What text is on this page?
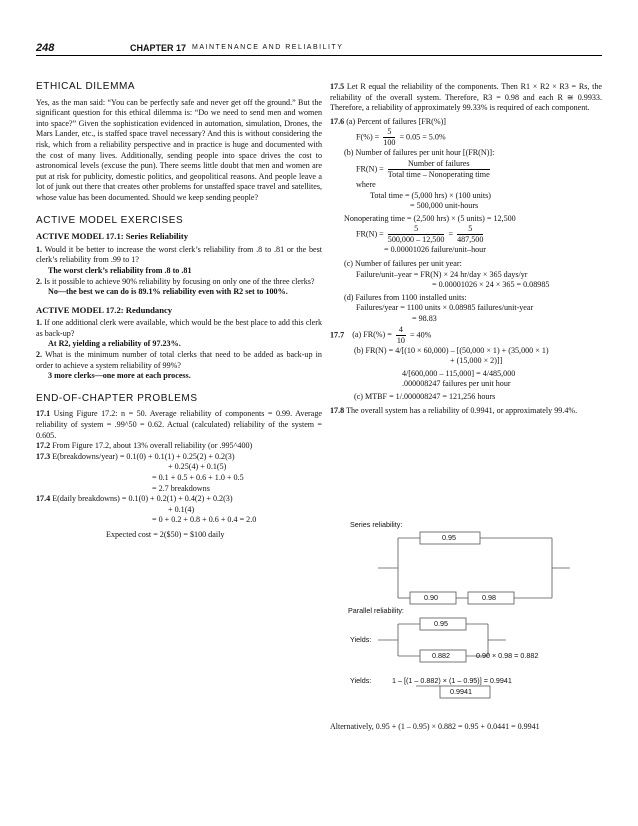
248	CHAPTER 17 MAINTENANCE AND RELIABILITY
ETHICAL DILEMMA

Yes, as the man said: “You can be perfectly safe and never get off the ground.” But the significant question for this ethical dilemma is: “Do we need to send men and women into space?” Given the sophistication evidenced in automation, simulation, Drones, the Mars Lander, etc., is staffed space travel necessary? And this is without considering the risk, which from a reliability perspective and in practice is huge and documented with the cost of many lives. Additionally, sending people into space drives the cost to astronomical levels (excuse the pun). There seems little doubt that men and women are put at risk for publicity, domestic politics, and geopolitical reasons. And people leave a lot of junk out there that creates other problems for unstaffed space travel and satellites, whose value has been documented. Should we keep sending people?

ACTIVE MODEL EXERCISES
ACTIVE MODEL 17.1: Series Reliability

1. Would it be better to increase the worst clerk’s reliability from .8 to .81 or the best clerk’s reliability from .99 to 1?

The worst clerk’s reliability from .8 to .81

2. Is it possible to achieve 90% reliability by focusing on only one of the three clerks?

No—the best we can do is 89.1% reliability even with R2 set to 100%.

ACTIVE MODEL 17.2: Redundancy

1. If one additional clerk were available, which would be the best place to add this clerk as back-up?

At R2, yielding a reliability of 97.23%.

2. What is the minimum number of total clerks that need to be added as back-up in order to achieve a system reliability of 99%?

3 more clerks—one more at each process.

END-OF-CHAPTER PROBLEMS

17.1 Using Figure 17.2: n = 50. Average reliability of components = 0.99. Average reliability of system = .99^50 = 0.62. Actual (calculated) reliability of the system = 0.605.

17.2 From Figure 17.2, about 13% overall reliability (or .995^400)

17.3 E(breakdowns/year) = 0.1(0) + 0.1(1) + 0.25(2) + 0.2(3)

+ 0.25(4) + 0.1(5)

= 0.1 + 0.5 + 0.6 + 1.0 + 0.5

= 2.7 breakdowns

17.4 E(daily breakdowns) = 0.1(0) + 0.2(1) + 0.4(2) + 0.2(3)

+ 0.1(4)

= 0 + 0.2 + 0.8 + 0.6 + 0.4 = 2.0

Expected cost = 2($50) = $100 daily

17.5 Let R equal the reliability of the components. Then R1 × R2 × R3 = Rs, the reliability of the overall system. Therefore, R3 = 0.98 and each R ≅ 0.9933. Therefore, a reliability of approximately 99.33% is required of each component.

17.6 (a) Percent of failures [FR(%)]

$F(\%) = \frac{5}{100} = 0.05 = 5.0\%$

(b) Number of failures per unit hour [(FR(N)]:

$FR(N) = \frac{\text{Number of failures}}{\text{Total time – Nonoperating time}}$

where

Total time = (5,000 hrs) × (100 units)

= 500,000 unit-hours

Nonoperating time = (2,500 hrs) × (5 units) = 12,500

$FR(N) = \frac{5}{500,000 - 12,500} = \frac{5}{487,500}$

= 0.00001026 failure/unit–hour

(c) Number of failures per unit year:

Failure/unit–year = FR(N) × 24 hr/day × 365 days/yr

= 0.00001026 × 24 × 365 = 0.08985

(d) Failures from 1100 installed units:

Failures/year = 1100 units × 0.08985 failures/unit-year

= 98.83

17.7 (a) $FR(\%) = \frac{4}{10} = 40\%$

(b) FR(N) = 4/[(10 × 60,000) – [(50,000 × 1) + (35,000 × 1)

+ (15,000 × 2)]]

4/[600,000 – 115,000] = 4/485,000

.000008247 failures per unit hour

(c) MTBF = 1/.000008247 = 121,256 hours

17.8 The overall system has a reliability of 0.9941, or approximately 99.4%.

Series reliability:
0.95
0.90	0.98
Parallel reliability:
Yields:
0.95
0.882	0.90 × 0.98 = 0.882
Yields:	1 – [(1 – 0.882) × (1 – 0.95)] = 0.9941
0.9941
Alternatively, 0.95 + (1 – 0.95) × 0.882 = 0.95 + 0.0441 = 0.9941
